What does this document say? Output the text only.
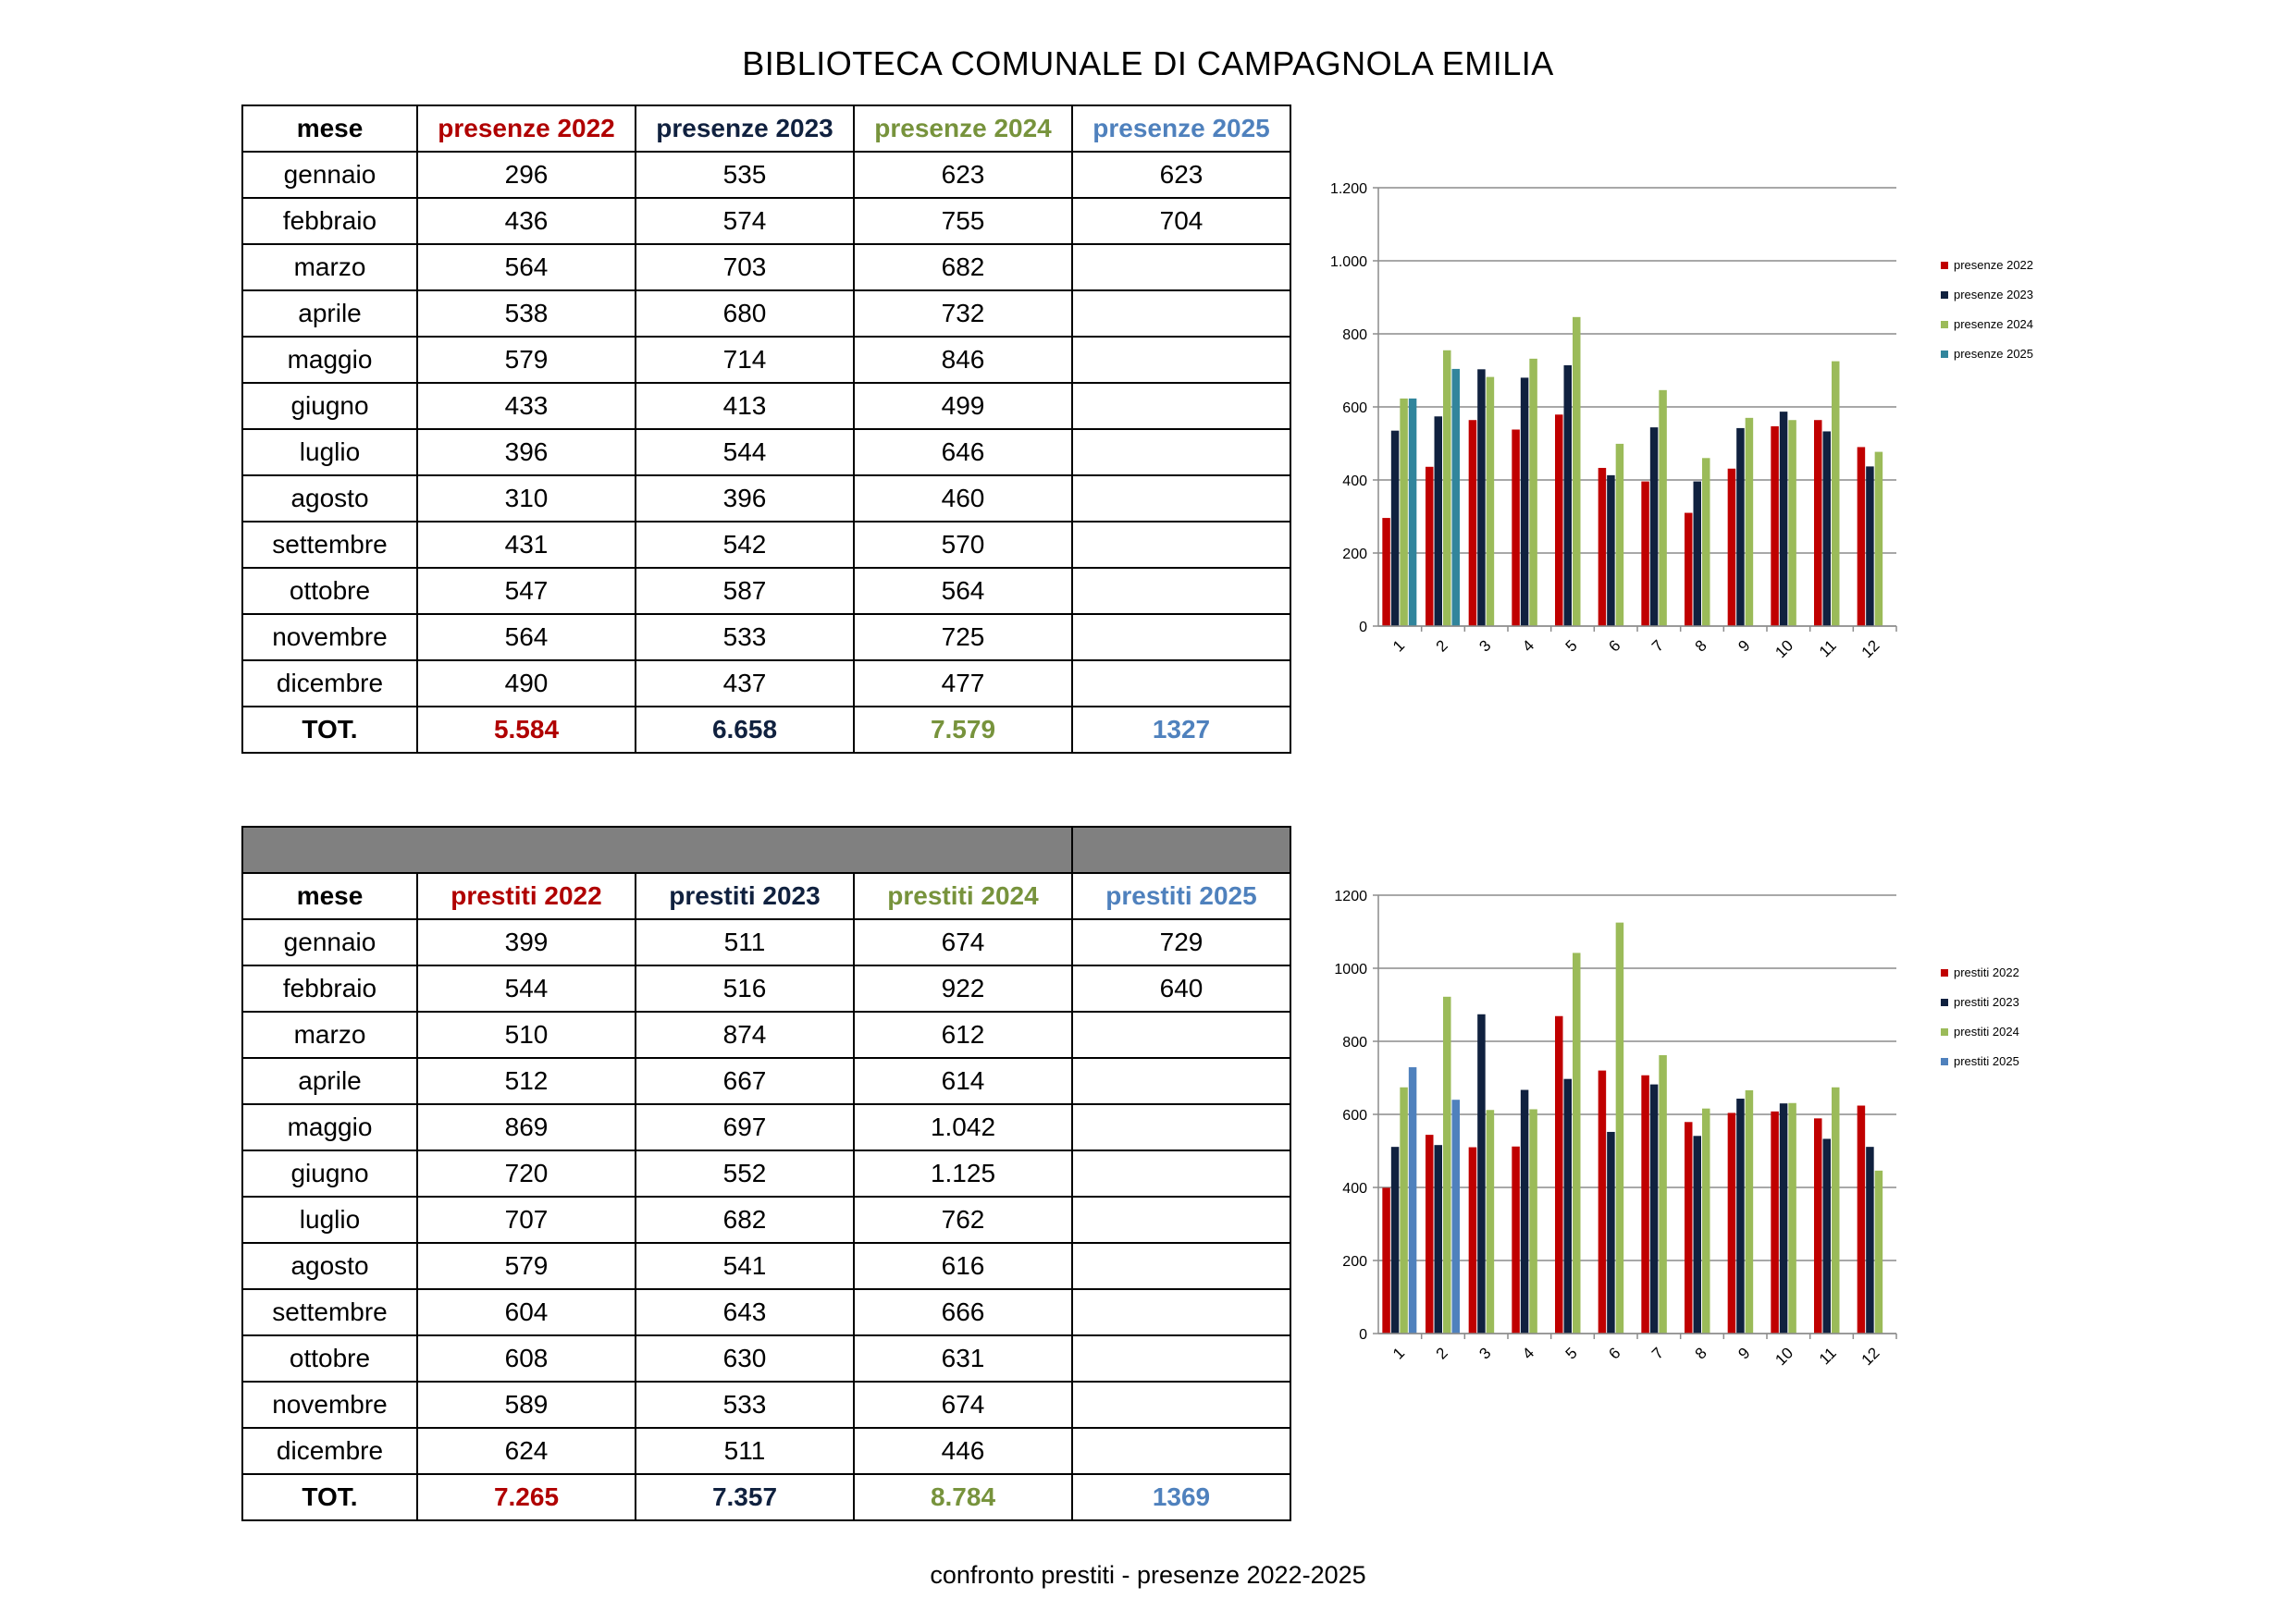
BIBLIOTECA COMUNALE DI CAMPAGNOLA EMILIA
mese	presenze 2022	presenze 2023	presenze 2024	presenze 2025
gennaio	296	535	623	623
febbraio	436	574	755	704
marzo	564	703	682	
aprile	538	680	732	
maggio	579	714	846	
giugno	433	413	499	
luglio	396	544	646	
agosto	310	396	460	
settembre	431	542	570	
ottobre	547	587	564	
novembre	564	533	725	
dicembre	490	437	477	
TOT.	5.584	6.658	7.579	1327

mese	prestiti 2022	prestiti 2023	prestiti 2024	prestiti 2025
gennaio	399	511	674	729
febbraio	544	516	922	640
marzo	510	874	612	
aprile	512	667	614	
maggio	869	697	1.042	
giugno	720	552	1.125	
luglio	707	682	762	
agosto	579	541	616	
settembre	604	643	666	
ottobre	608	630	631	
novembre	589	533	674	
dicembre	624	511	446	
TOT.	7.265	7.357	8.784	1369
0
200
400
600
800
1.000
1.200
1 2 3 4 5 6 7 8 9 10 11 12
presenze 2022
presenze 2023
presenze 2024
presenze 2025
0
200
400
600
800
1000
1200
1 2 3 4 5 6 7 8 9 10 11 12
prestiti 2022
prestiti 2023
prestiti 2024
prestiti 2025
confronto prestiti - presenze 2022-2025
